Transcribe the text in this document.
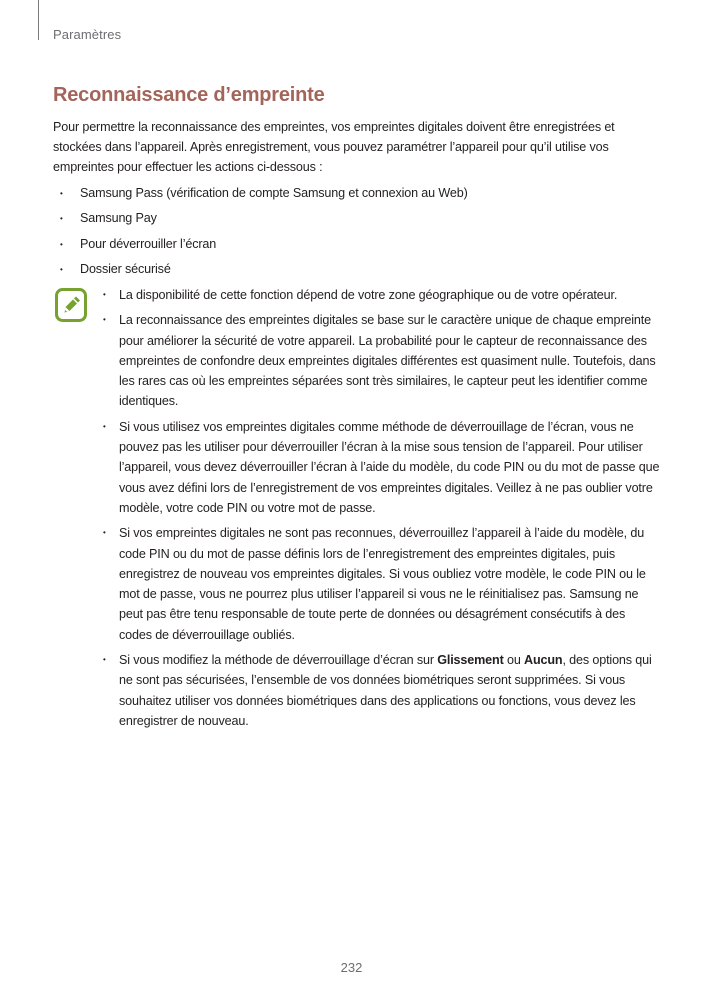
Paramètres
Reconnaissance d’empreinte

Pour permettre la reconnaissance des empreintes, vos empreintes digitales doivent être enregistrées et stockées dans l’appareil. Après enregistrement, vous pouvez paramétrer l’appareil pour qu’il utilise vos empreintes pour effectuer les actions ci-dessous :

• Samsung Pass (vérification de compte Samsung et connexion au Web)
• Samsung Pay
• Pour déverrouiller l’écran
• Dossier sécurisé
• La disponibilité de cette fonction dépend de votre zone géographique ou de votre opérateur.
• La reconnaissance des empreintes digitales se base sur le caractère unique de chaque empreinte pour améliorer la sécurité de votre appareil. La probabilité pour le capteur de reconnaissance des empreintes de confondre deux empreintes digitales différentes est quasiment nulle. Toutefois, dans les rares cas où les empreintes séparées sont très similaires, le capteur peut les identifier comme identiques.
• Si vous utilisez vos empreintes digitales comme méthode de déverrouillage de l’écran, vous ne pouvez pas les utiliser pour déverrouiller l’écran à la mise sous tension de l’appareil. Pour utiliser l’appareil, vous devez déverrouiller l’écran à l’aide du modèle, du code PIN ou du mot de passe que vous avez défini lors de l’enregistrement de vos empreintes digitales. Veillez à ne pas oublier votre modèle, votre code PIN ou votre mot de passe.
• Si vos empreintes digitales ne sont pas reconnues, déverrouillez l’appareil à l’aide du modèle, du code PIN ou du mot de passe définis lors de l’enregistrement des empreintes digitales, puis enregistrez de nouveau vos empreintes digitales. Si vous oubliez votre modèle, le code PIN ou le mot de passe, vous ne pourrez plus utiliser l’appareil si vous ne le réinitialisez pas. Samsung ne peut pas être tenu responsable de toute perte de données ou désagrément consécutifs à des codes de déverrouillage oubliés.
• Si vous modifiez la méthode de déverrouillage d’écran sur Glissement ou Aucun, des options qui ne sont pas sécurisées, l’ensemble de vos données biométriques seront supprimées. Si vous souhaitez utiliser vos données biométriques dans des applications ou fonctions, vous devez les enregistrer de nouveau.
232
